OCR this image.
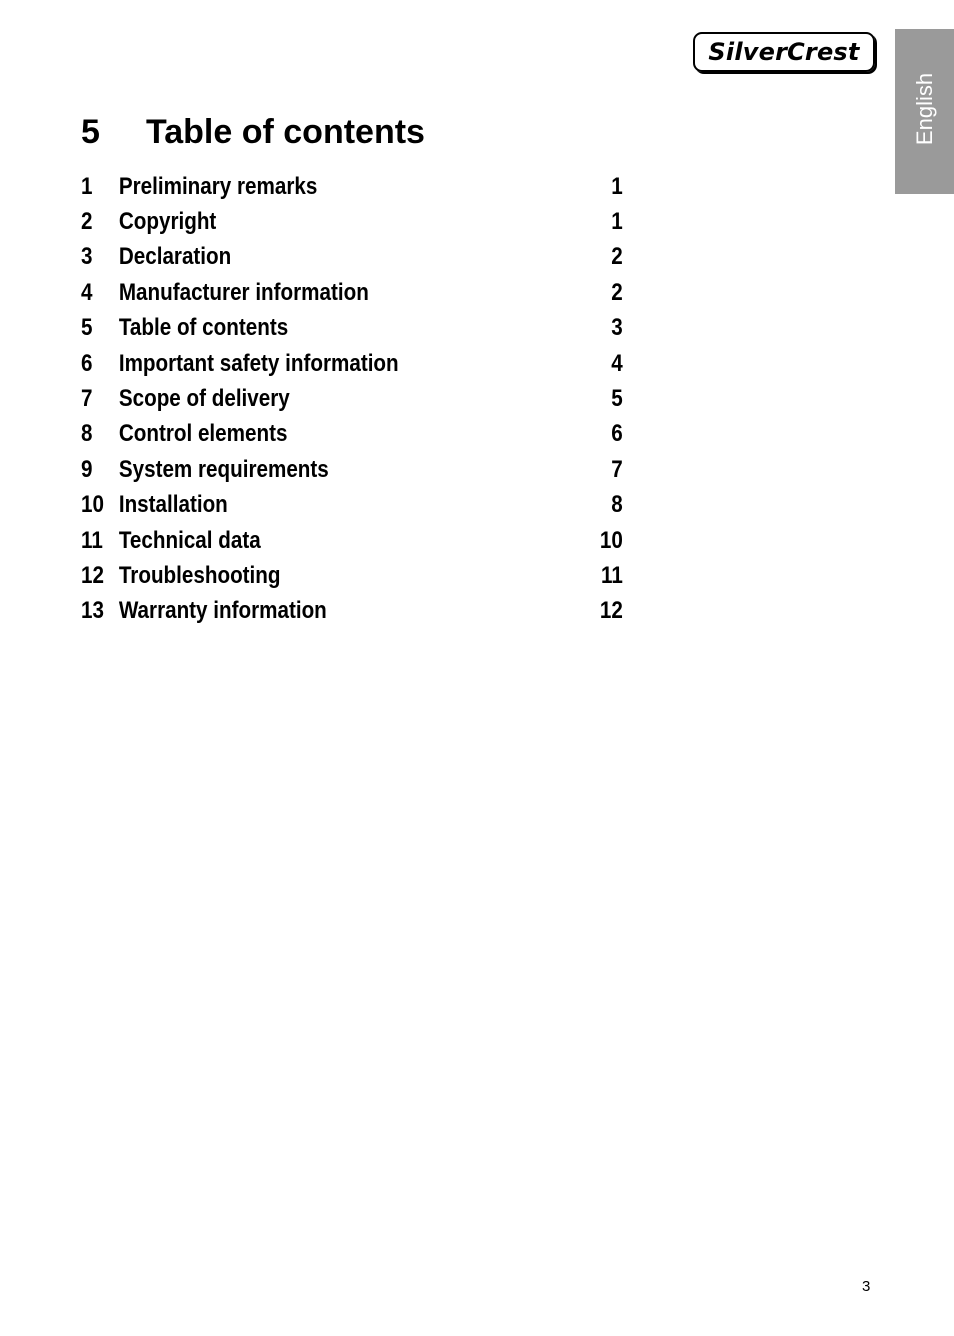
SilverCrest
English
5	Table of contents
1	Preliminary remarks	1
2	Copyright	1
3	Declaration	2
4	Manufacturer information	2
5	Table of contents	3
6	Important safety information	4
7	Scope of delivery	5
8	Control elements	6
9	System requirements	7
10 Installation	8
11 Technical data	10
12 Troubleshooting	11
13 Warranty information	12
3
